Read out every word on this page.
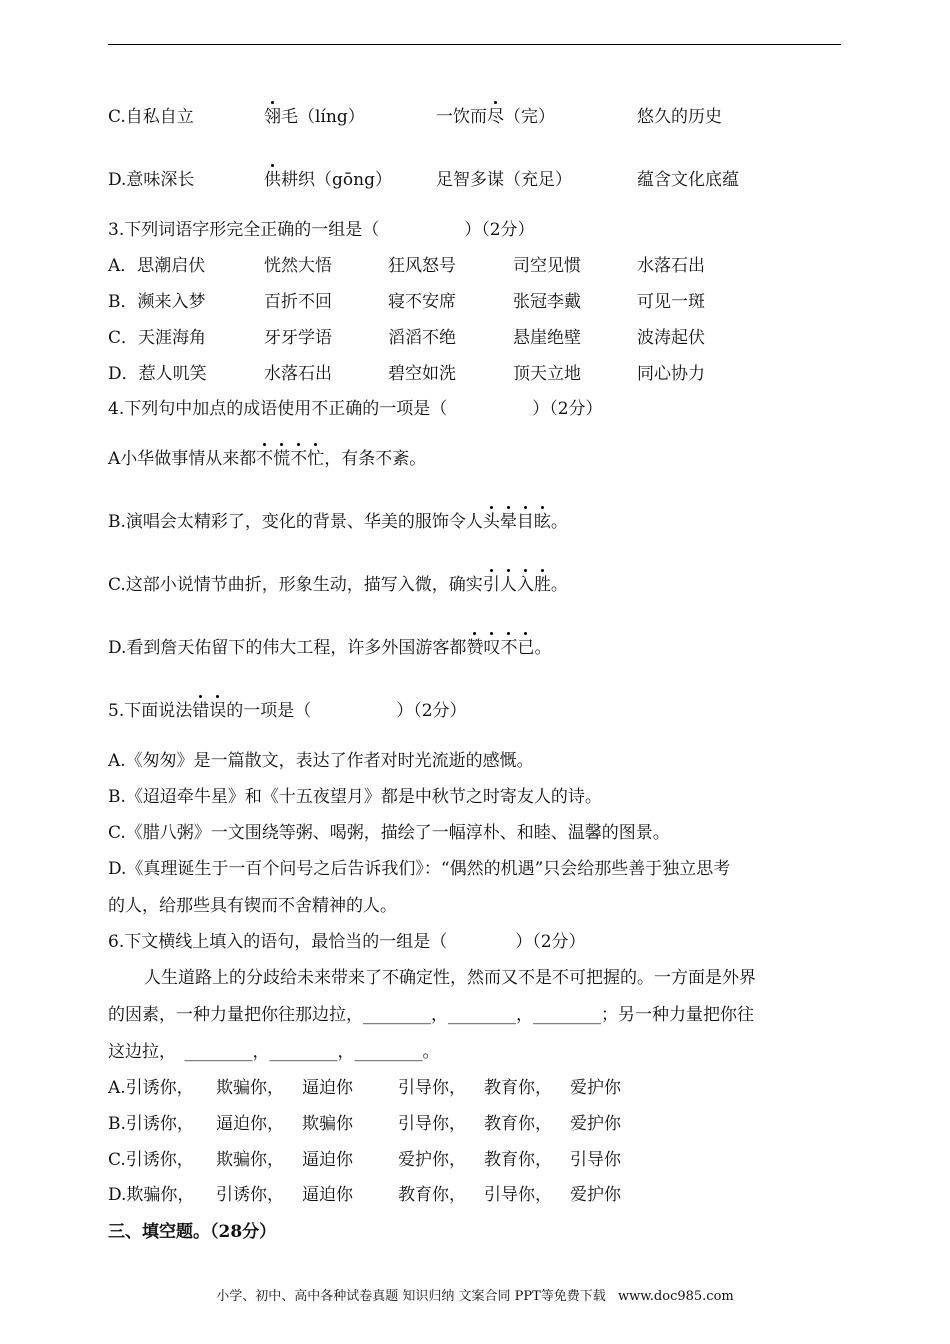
C.自私自立	翎毛（líng）	一饮而尽（完）	悠久的历史
D.意味深长	供耕织（gōng）	足智多谋（充足）	蕴含文化底蕴
3.下列词语字形完全正确的一组是（　　　　　）（2分）
A．思潮启伏	恍然大悟	狂风怒号	司空见惯	水落石出
B．濒来入梦	百折不回	寝不安席	张冠李戴	可见一斑
C．天涯海角	牙牙学语	滔滔不绝	悬崖绝壁	波涛起伏
D．惹人叽笑	水落石出	碧空如洗	顶天立地	同心协力
4.下列句中加点的成语使用不正确的一项是（　　　　　）（2分）
A小华做事情从来都不慌不忙，有条不紊。
B.演唱会太精彩了，变化的背景、华美的服饰令人头晕目眩。
C.这部小说情节曲折，形象生动，描写入微，确实引人入胜。
D.看到詹天佑留下的伟大工程，许多外国游客都赞叹不已。
5.下面说法错误的一项是（　　　　　）（2分）
A.《匆匆》是一篇散文，表达了作者对时光流逝的感慨。
B.《迢迢牵牛星》和《十五夜望月》都是中秋节之时寄友人的诗。
C.《腊八粥》一文围绕等粥、喝粥，描绘了一幅淳朴、和睦、温馨的图景。
D.《真理诞生于一百个问号之后告诉我们》：“偶然的机遇”只会给那些善于独立思考
的人，给那些具有锲而不舍精神的人。
6.下文横线上填入的语句，最恰当的一组是（　　　　）（2分）
人生道路上的分歧给未来带来了不确定性，然而又不是不可把握的。一方面是外界
的因素，一种力量把你往那边拉，________，________，________；另一种力量把你往
这边拉，　________，________，________。
A.引诱你， 欺骗你， 逼迫你	引导你， 教育你， 爱护你
B.引诱你， 逼迫你， 欺骗你	引导你， 教育你， 爱护你
C.引诱你， 欺骗你， 逼迫你	爱护你， 教育你， 引导你
D.欺骗你， 引诱你， 逼迫你	教育你， 引导你， 爱护你
三、填空题。（28分）
小学、初中、高中各种试卷真题 知识归纳 文案合同 PPT等免费下载 www.doc985.com
